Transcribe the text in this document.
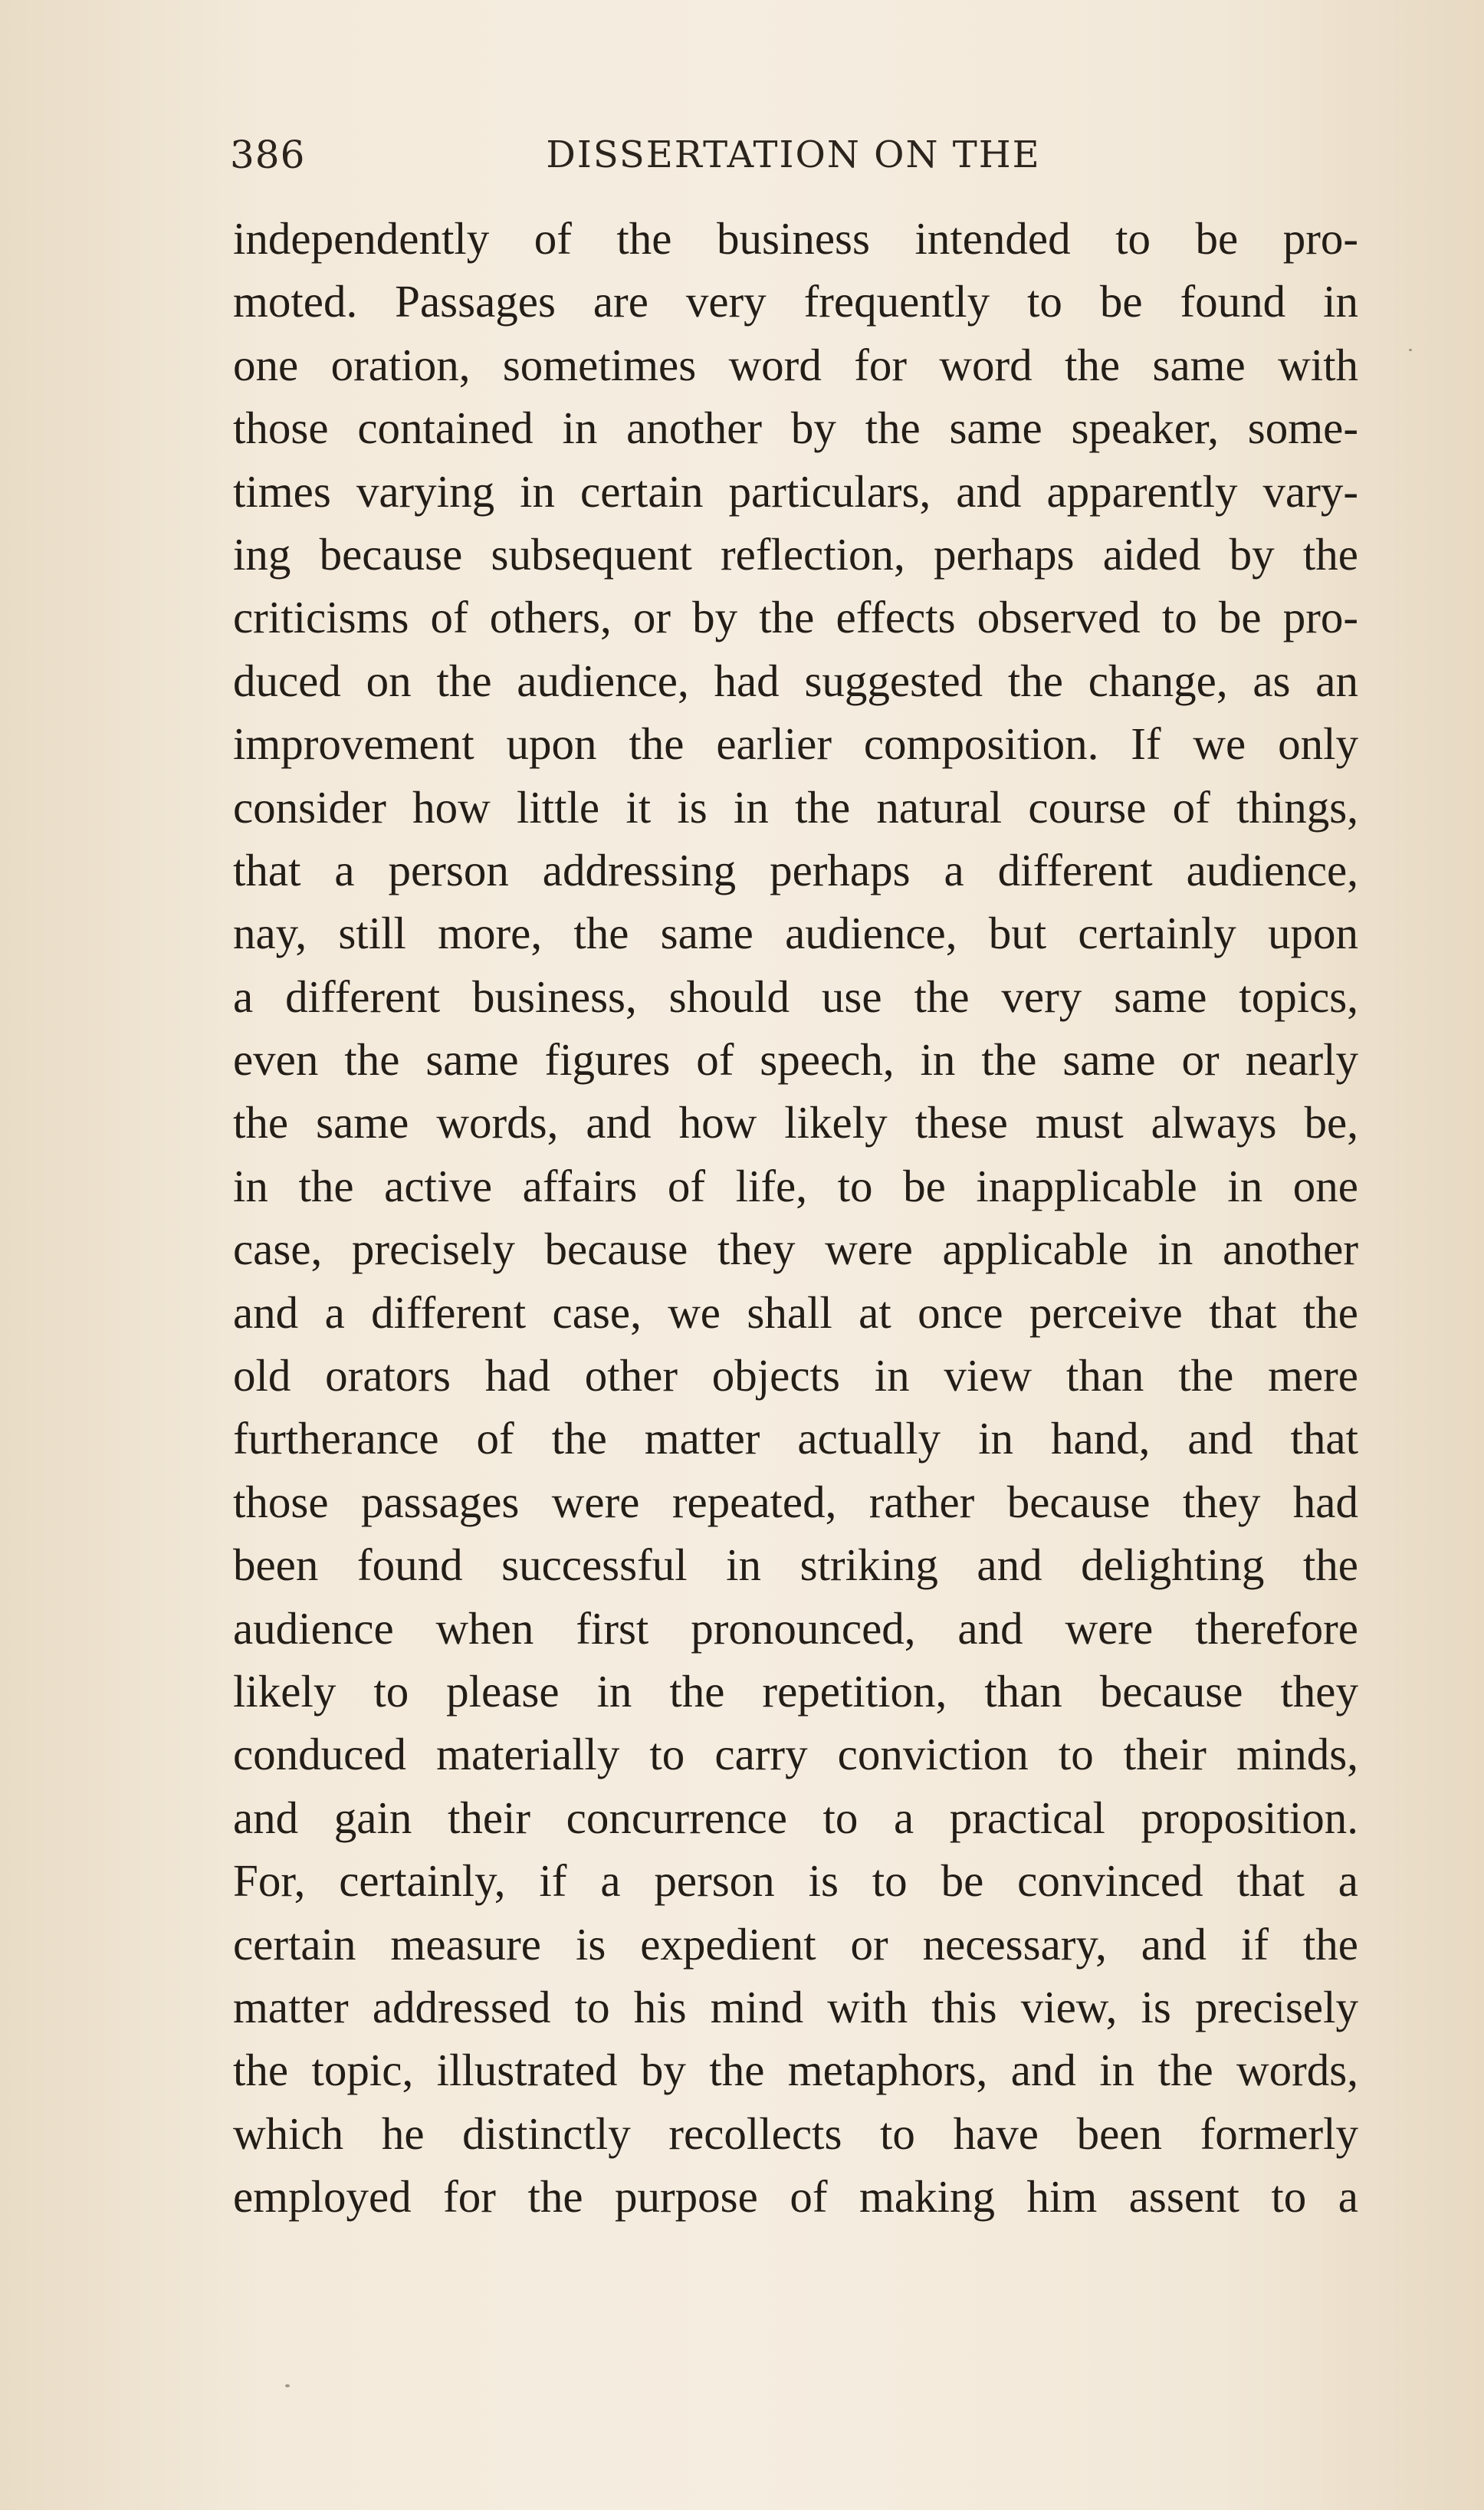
386	DISSERTATION ON THE
independently of the business intended to be pro-
moted. Passages are very frequently to be found in
one oration, sometimes word for word the same with
those contained in another by the same speaker, some-
times varying in certain particulars, and apparently vary-
ing because subsequent reflection, perhaps aided by the
criticisms of others, or by the effects observed to be pro-
duced on the audience, had suggested the change, as an
improvement upon the earlier composition. If we only
consider how little it is in the natural course of things,
that a person addressing perhaps a different audience,
nay, still more, the same audience, but certainly upon
a different business, should use the very same topics,
even the same figures of speech, in the same or nearly
the same words, and how likely these must always be,
in the active affairs of life, to be inapplicable in one
case, precisely because they were applicable in another
and a different case, we shall at once perceive that the
old orators had other objects in view than the mere
furtherance of the matter actually in hand, and that
those passages were repeated, rather because they had
been found successful in striking and delighting the
audience when first pronounced, and were therefore
likely to please in the repetition, than because they
conduced materially to carry conviction to their minds,
and gain their concurrence to a practical proposition.
For, certainly, if a person is to be convinced that a
certain measure is expedient or necessary, and if the
matter addressed to his mind with this view, is precisely
the topic, illustrated by the metaphors, and in the words,
which he distinctly recollects to have been formerly
employed for the purpose of making him assent to a
